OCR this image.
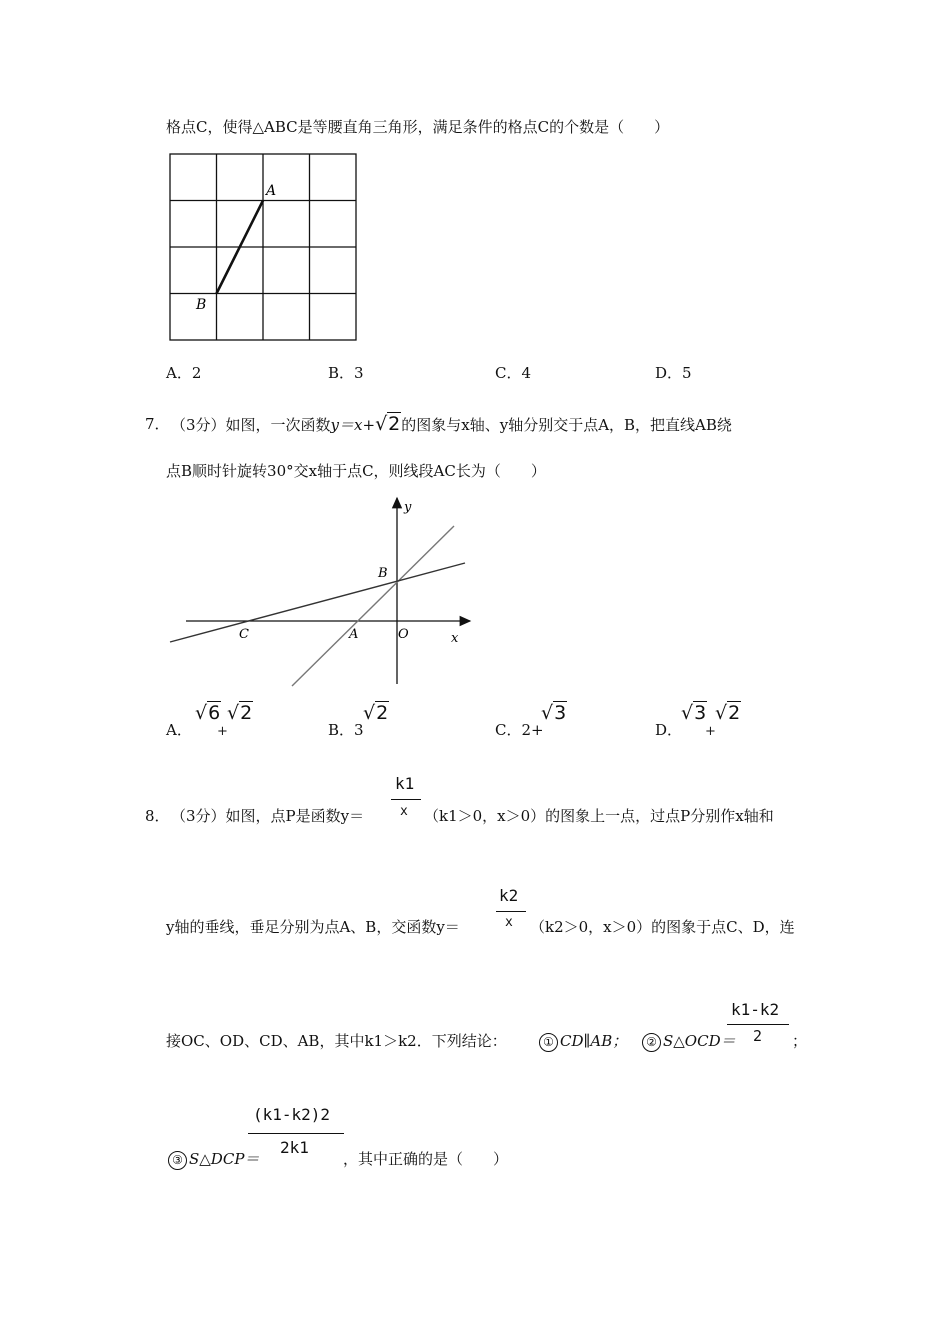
格点C，使得△ABC是等腰直角三角形，满足条件的格点C的个数是（　　）
A
B
A．2	B．3	C．4	D．5
7． （3分）如图，一次函数y＝x+√2的图象与x轴、y轴分别交于点A，B，把直线AB绕
点B顺时针旋转30°交x轴于点C，则线段AC长为（　　）
y
x
B
C	A	O
A．
√6
+
√2
B．3
√2
C．2+
√3
D．
√3
+
√2
8． （3分）如图，点P是函数y＝
k1
x （k1＞0，x＞0）的图象上一点，过点P分别作x轴和
y轴的垂线，垂足分别为点A、B，交函数y＝
k2
x （k2＞0，x＞0）的图象于点C、D，连
接OC、OD、CD、AB，其中k1＞k2．下列结论：	① CD∥AB；	② S△OCD＝
k1-k2
2 ；
(k1-k2)2
2k1
③ S△DCP＝	，其中正确的是（　　）
